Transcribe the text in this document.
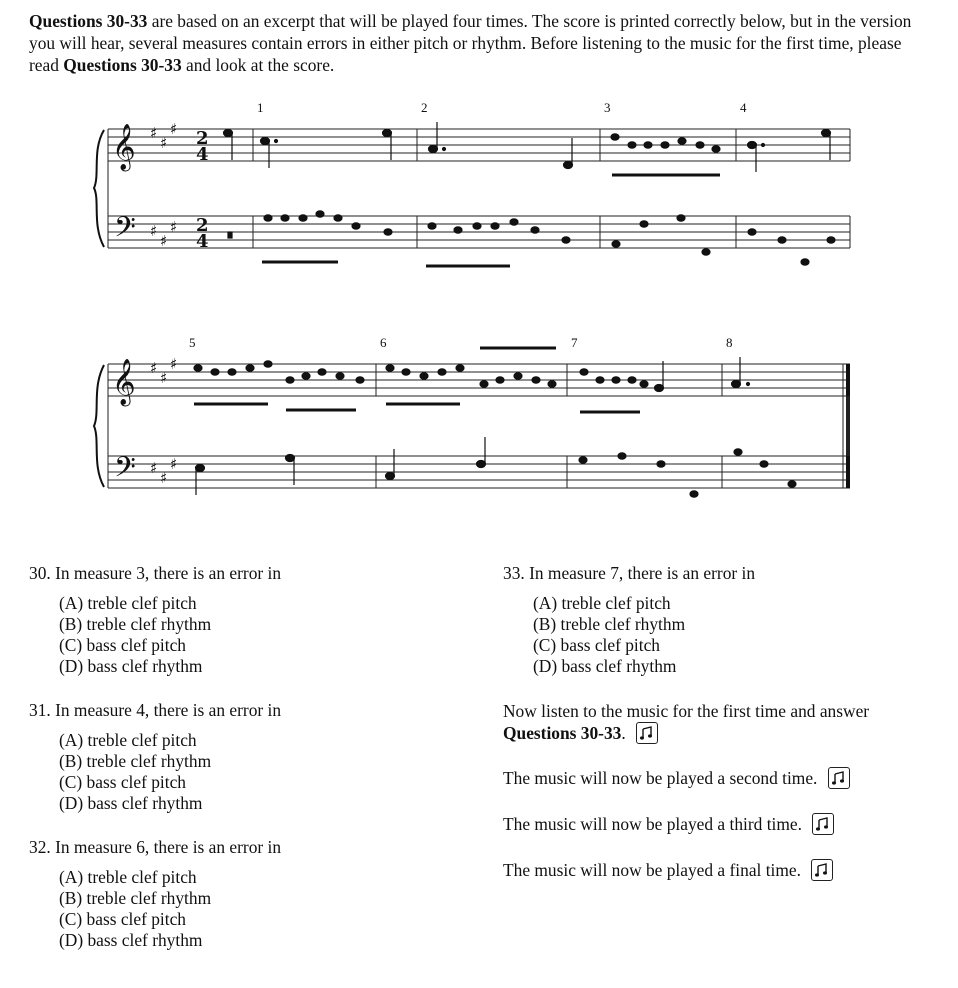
Questions 30-33 are based on an excerpt that will be played four times. The score is printed correctly below, but in the version you will hear, several measures contain errors in either pitch or rhythm. Before listening to the music for the first time, please read Questions 30-33 and look at the score.
𝄞
𝄢
𝄞
𝄢
♯
♯
♯
♯
♯
♯
♯
♯
♯
♯
♯
♯
2
4
2
4
1	2	3	4
5	6	7	8
30. In measure 3, there is an error in
(A) treble clef pitch
(B) treble clef rhythm
(C) bass clef pitch
(D) bass clef rhythm
31. In measure 4, there is an error in
(A) treble clef pitch
(B) treble clef rhythm
(C) bass clef pitch
(D) bass clef rhythm
32. In measure 6, there is an error in
(A) treble clef pitch
(B) treble clef rhythm
(C) bass clef pitch
(D) bass clef rhythm
33. In measure 7, there is an error in
(A) treble clef pitch
(B) treble clef rhythm
(C) bass clef pitch
(D) bass clef rhythm
Now listen to the music for the first time and answer Questions 30-33.
The music will now be played a second time.
The music will now be played a third time.
The music will now be played a final time.
